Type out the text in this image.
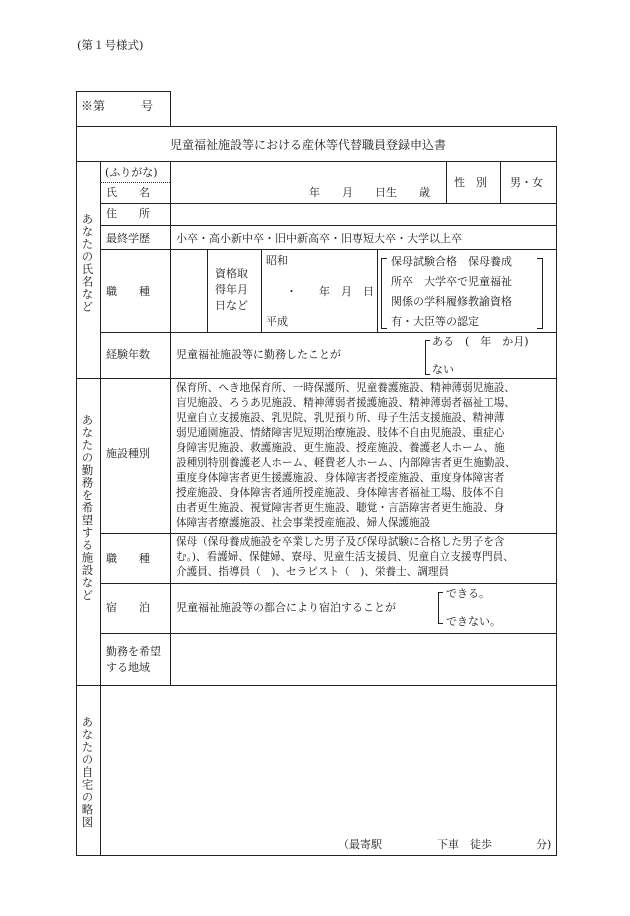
(第１号様式)
※第　　　号
児童福祉施設等における産休等代替職員登録申込書
あなたの氏名など
あなたの勤務を希望する施設など
あなたの自宅の略図
(ふりがな)
氏　　名	年　　月　　日生　　歳
性　別 男・女
住　　所
最終学歴 小卒・高小新中卒・旧中新高卒・旧専短大卒・大学以上卒
職　　種
資格取
得年月
日など
昭和
・　　年　月　日
平成
保母試験合格　保母養成
所卒　大学卒で児童福祉
関係の学科履修教諭資格
有・大臣等の認定
経験年数 児童福祉施設等に勤務したことが
ある　(　年　か月)
ない
施設種別
保育所、へき地保育所、一時保護所、児童養護施設、精神薄弱児施設、
盲児施設、ろうあ児施設、精神薄弱者援護施設、精神薄弱者福祉工場、
児童自立支援施設、乳児院、乳児預り所、母子生活支援施設、精神薄
弱児通園施設、情緒障害児短期治療施設、肢体不自由児施設、重症心
身障害児施設、救護施設、更生施設、授産施設、養護老人ホーム、施
設種別特別養護老人ホーム、軽費老人ホーム、内部障害者更生施勤設、
重度身体障害者更生援護施設、身体障害者授産施設、重度身体障害者
授産施設、身体障害者通所授産施設、身体障害者福祉工場、肢体不自
由者更生施設、視覚障害者更生施設、聴覚・言語障害者更生施設、身
体障害者療護施設、社会事業授産施設、婦人保護施設
職　　種
保母（保母養成施設を卒業した男子及び保母試験に合格した男子を含
む。)、看護婦、保健婦、寮母、児童生活支援員、児童自立支援専門員、
介護員、指導員（　)、セラピスト（　)、栄養士、調理員
宿　　泊 児童福祉施設等の都合により宿泊することが
できる。
できない。
勤務を希望
する地域
（最寄駅　　　　　下車　徒歩　　　　分)
